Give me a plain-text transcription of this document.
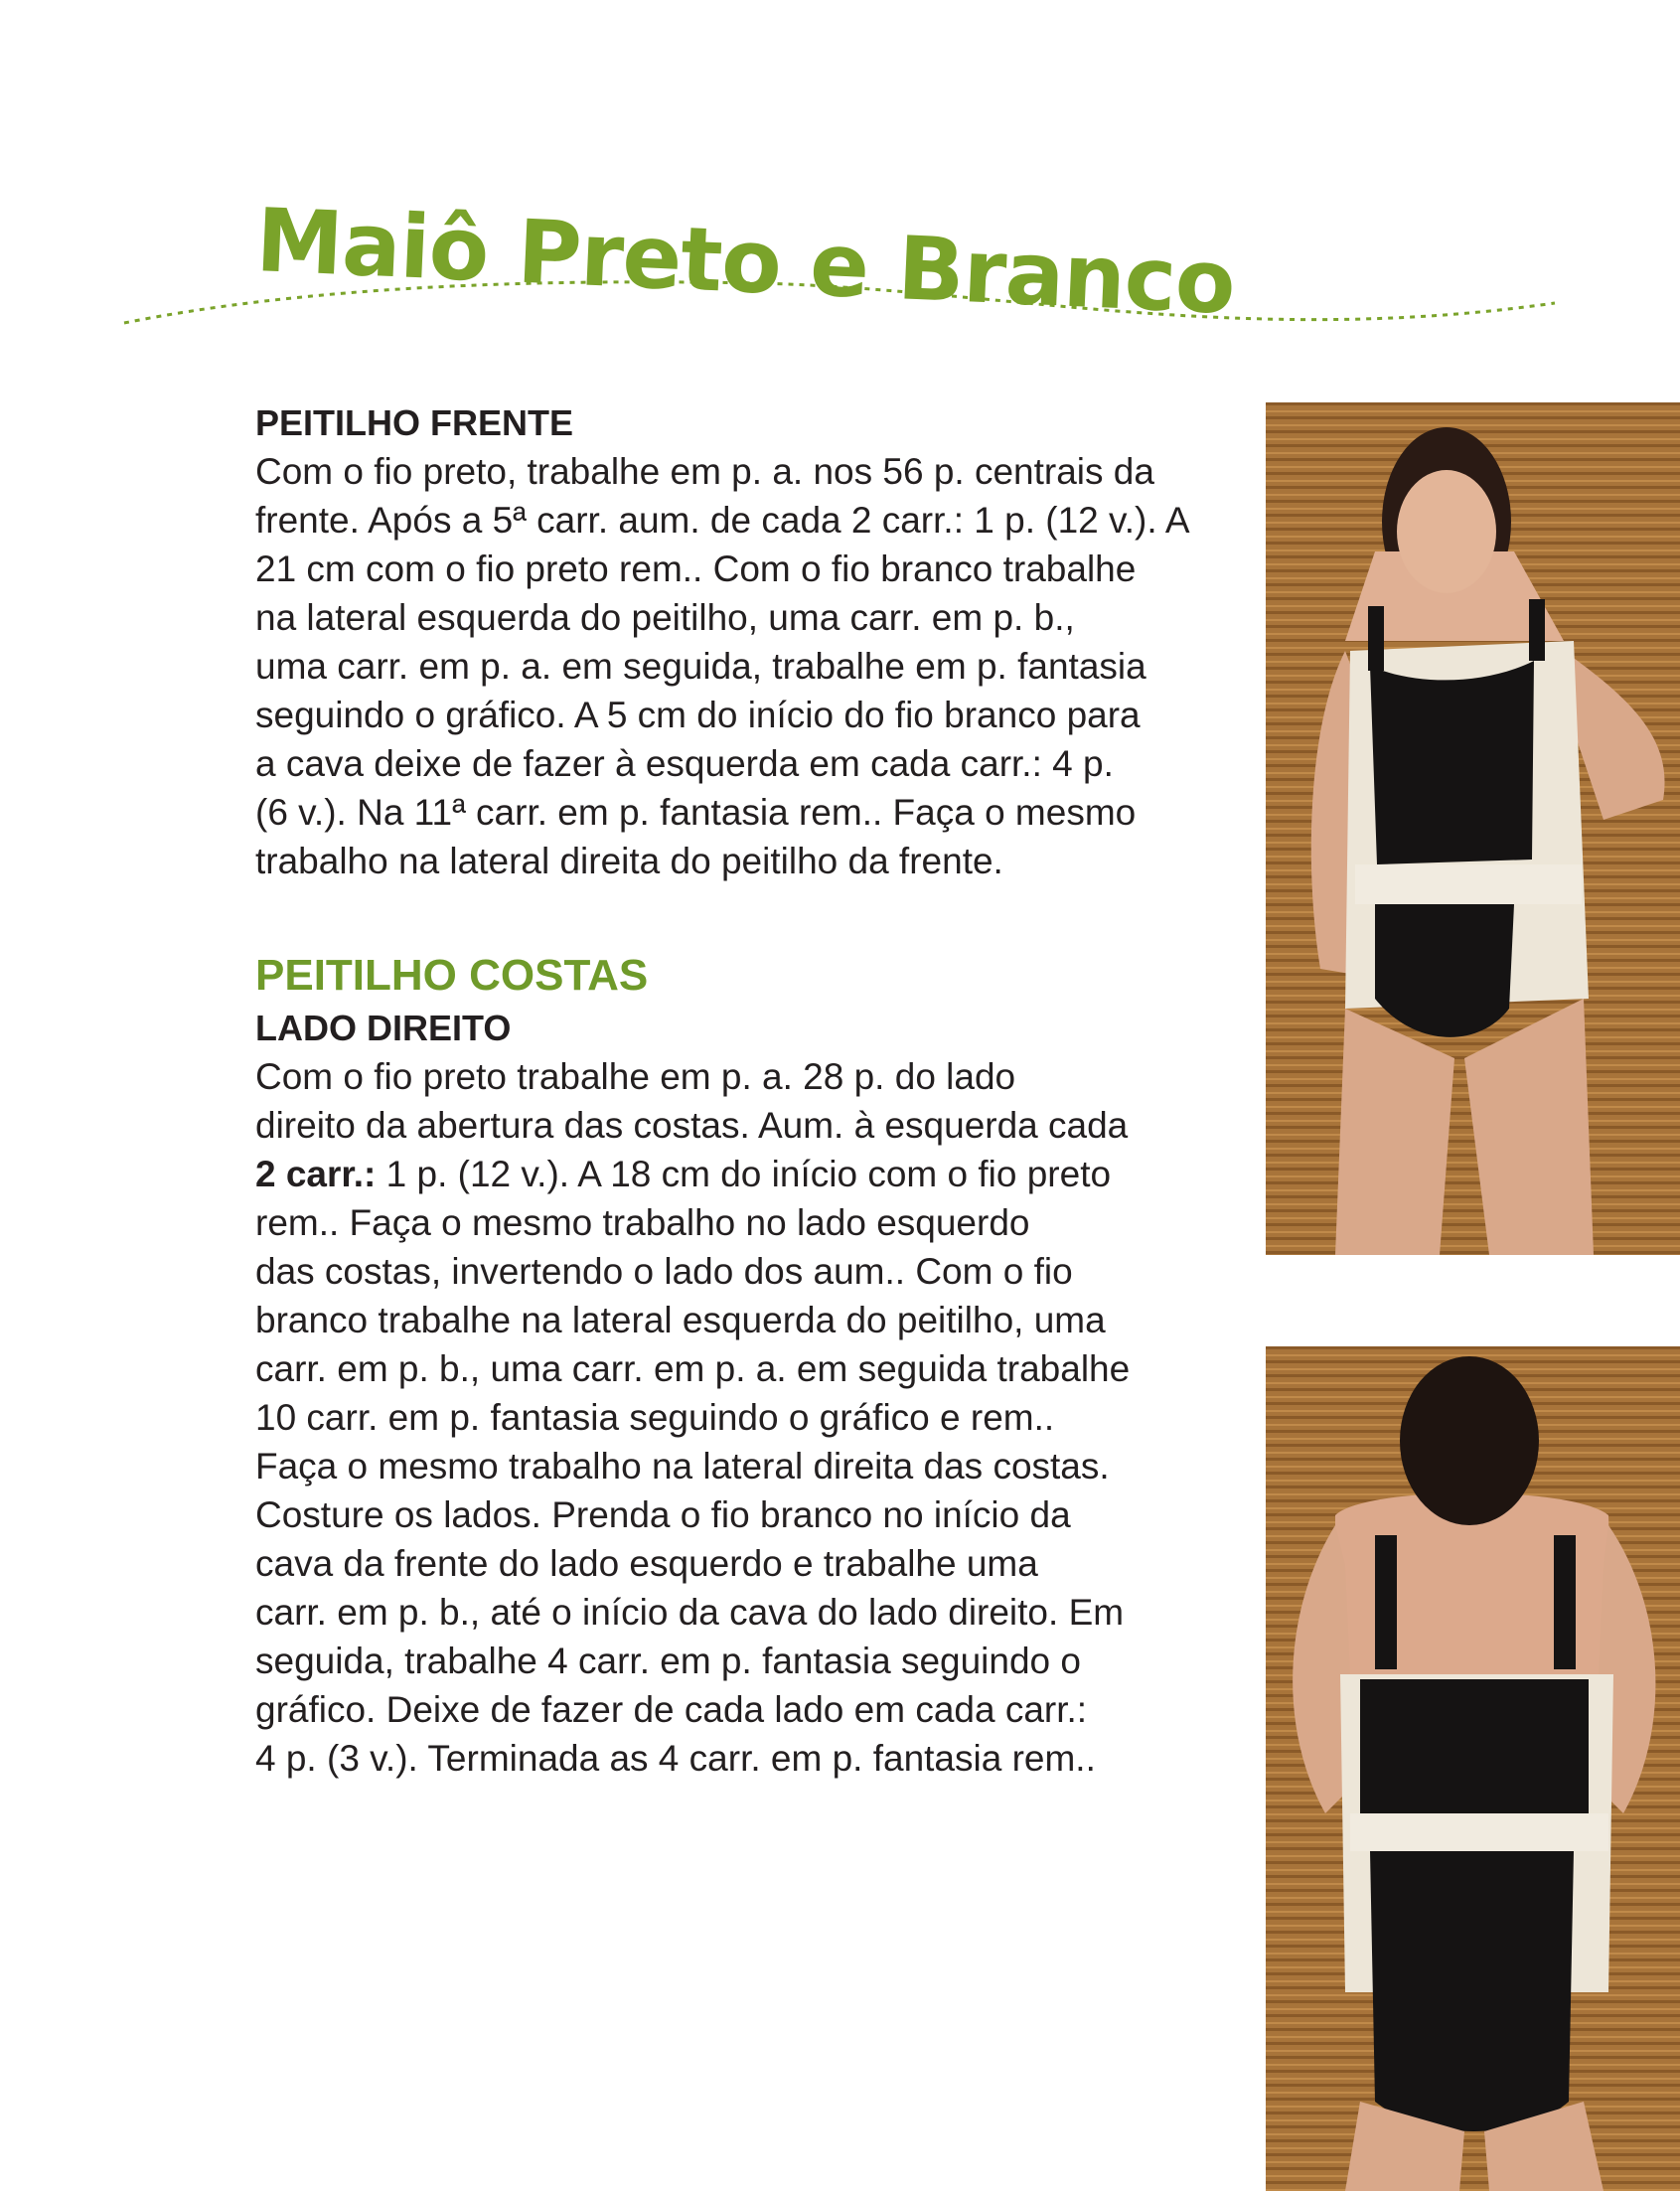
Maiô Preto e Branco
PEITILHO FRENTE

Com o fio preto, trabalhe em p. a. nos 56 p. centrais da
frente. Após a 5ª carr. aum. de cada 2 carr.: 1 p. (12 v.). A
21 cm com o fio preto rem.. Com o fio branco trabalhe
na lateral esquerda do peitilho, uma carr. em p. b.,
uma carr. em p. a. em seguida, trabalhe em p. fantasia
seguindo o gráfico. A 5 cm do início do fio branco para
a cava deixe de fazer à esquerda em cada carr.: 4 p.
(6 v.). Na 11ª carr. em p. fantasia rem.. Faça o mesmo
trabalho na lateral direita do peitilho da frente.

PEITILHO COSTAS
LADO DIREITO

Com o fio preto trabalhe em p. a. 28 p. do lado
direito da abertura das costas. Aum. à esquerda cada
2 carr.: 1 p. (12 v.). A 18 cm do início com o fio preto
rem.. Faça o mesmo trabalho no lado esquerdo
das costas, invertendo o lado dos aum.. Com o fio
branco trabalhe na lateral esquerda do peitilho, uma
carr. em p. b., uma carr. em p. a. em seguida trabalhe
10 carr. em p. fantasia seguindo o gráfico e rem..
Faça o mesmo trabalho na lateral direita das costas.
Costure os lados. Prenda o fio branco no início da
cava da frente do lado esquerdo e trabalhe uma
carr. em p. b., até o início da cava do lado direito. Em
seguida, trabalhe 4 carr. em p. fantasia seguindo o
gráfico. Deixe de fazer de cada lado em cada carr.:
4 p. (3 v.). Terminada as 4 carr. em p. fantasia rem..
